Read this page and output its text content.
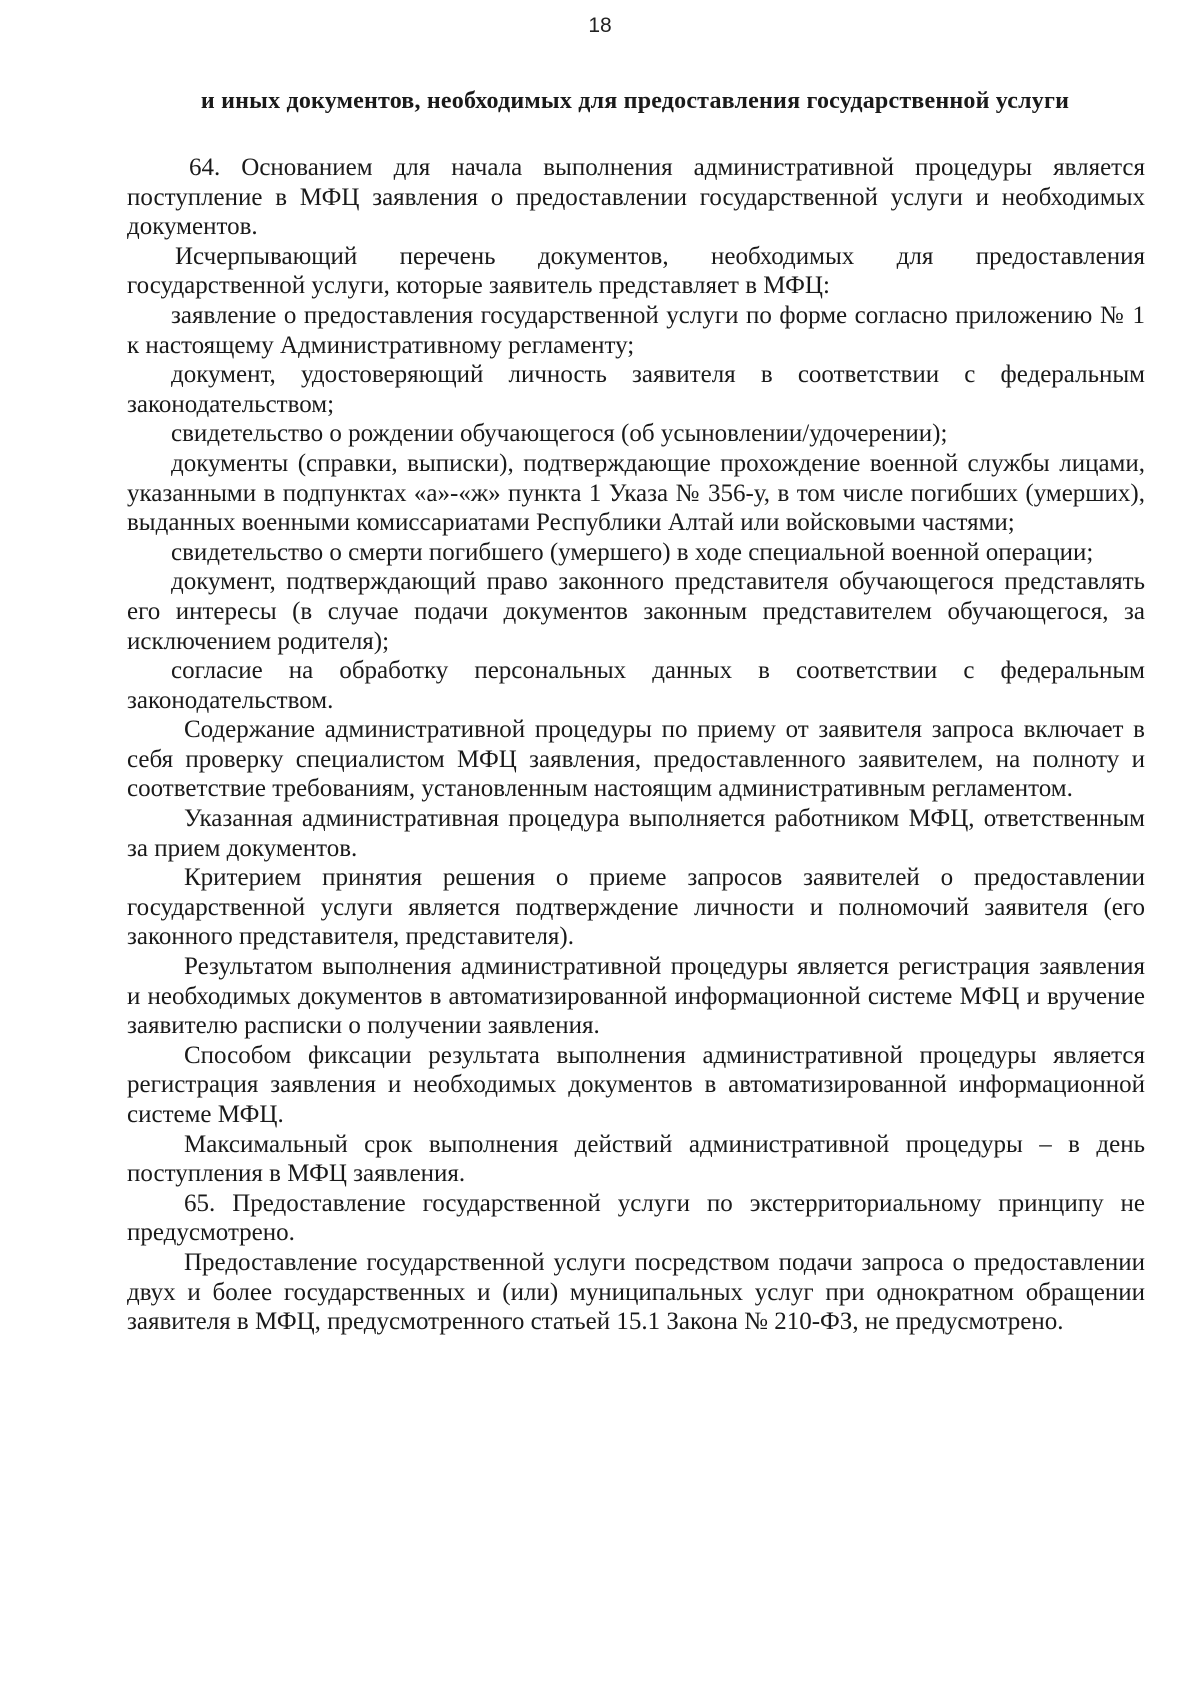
18
и иных документов, необходимых для предоставления государственной услуги

64. Основанием для начала выполнения административной процедуры является поступление в МФЦ заявления о предоставлении государственной услуги и необходимых документов.

Исчерпывающий перечень документов, необходимых для предоставления государственной услуги, которые заявитель представляет в МФЦ:

заявление о предоставления государственной услуги по форме согласно приложению № 1 к настоящему Административному регламенту;

документ, удостоверяющий личность заявителя в соответствии с федеральным законодательством;

свидетельство о рождении обучающегося (об усыновлении/удочерении);

документы (справки, выписки), подтверждающие прохождение военной службы лицами, указанными в подпунктах «а»-«ж» пункта 1 Указа № 356-у, в том числе погибших (умерших), выданных военными комиссариатами Республики Алтай или войсковыми частями;

свидетельство о смерти погибшего (умершего) в ходе специальной военной операции;

документ, подтверждающий право законного представителя обучающегося представлять его интересы (в случае подачи документов законным представителем обучающегося, за исключением родителя);

согласие на обработку персональных данных в соответствии с федеральным законодательством.

Содержание административной процедуры по приему от заявителя запроса включает в себя проверку специалистом МФЦ заявления, предоставленного заявителем, на полноту и соответствие требованиям, установленным настоящим административным регламентом.

Указанная административная процедура выполняется работником МФЦ, ответственным за прием документов.

Критерием принятия решения о приеме запросов заявителей о предоставлении государственной услуги является подтверждение личности и полномочий заявителя (его законного представителя, представителя).

Результатом выполнения административной процедуры является регистрация заявления и необходимых документов в автоматизированной информационной системе МФЦ и вручение заявителю расписки о получении заявления.

Способом фиксации результата выполнения административной процедуры является регистрация заявления и необходимых документов в автоматизированной информационной системе МФЦ.

Максимальный срок выполнения действий административной процедуры – в день поступления в МФЦ заявления.

65. Предоставление государственной услуги по экстерриториальному принципу не предусмотрено.

Предоставление государственной услуги посредством подачи запроса о предоставлении двух и более государственных и (или) муниципальных услуг при однократном обращении заявителя в МФЦ, предусмотренного статьей 15.1 Закона № 210-ФЗ, не предусмотрено.
